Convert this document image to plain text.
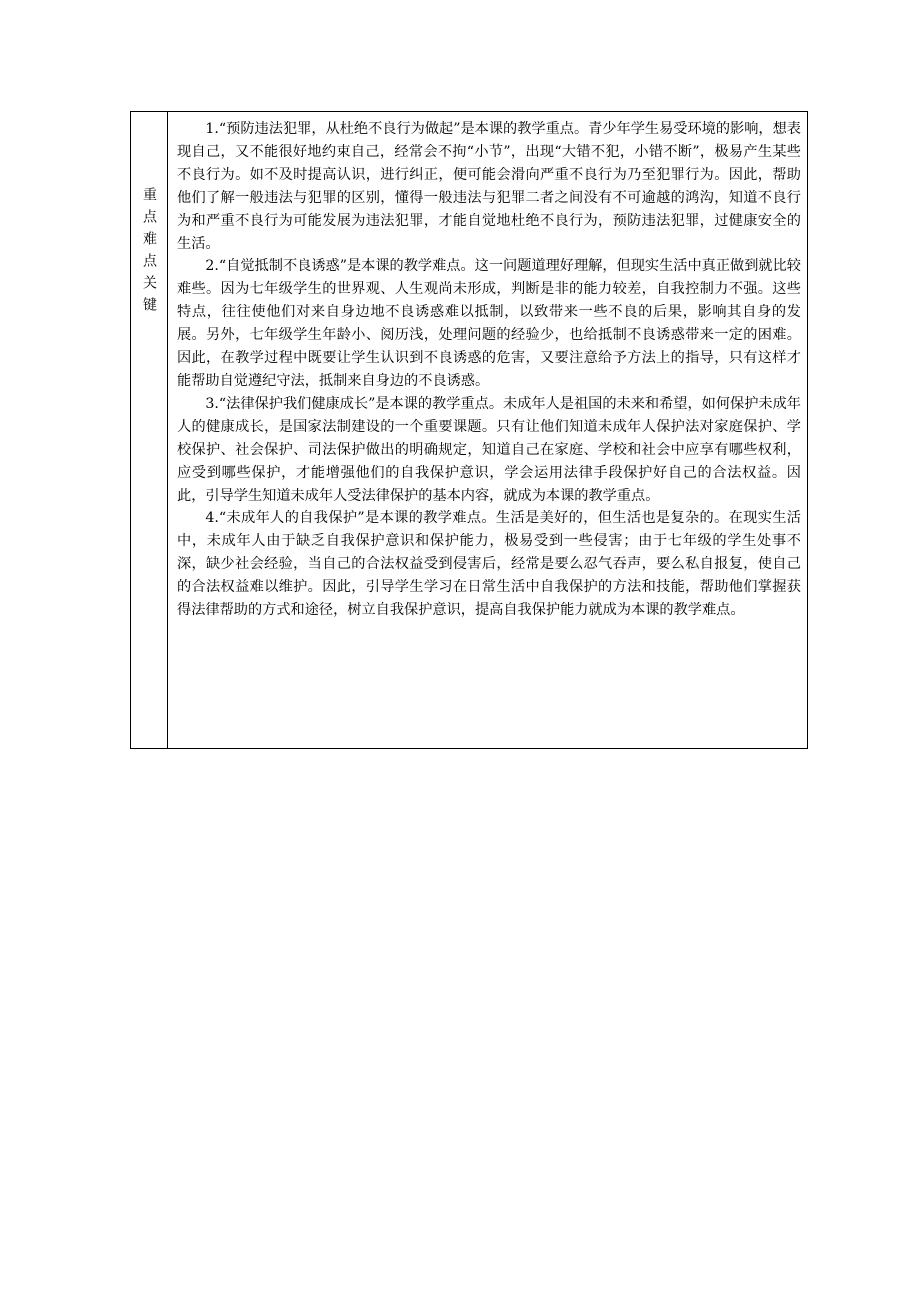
重点难点关键

1.“预防违法犯罪，从杜绝不良行为做起”是本课的教学重点。青少年学生易受环境的影响，想表现自己，又不能很好地约束自己，经常会不拘“小节”，出现“大错不犯，小错不断”，极易产生某些不良行为。如不及时提高认识，进行纠正，便可能会滑向严重不良行为乃至犯罪行为。因此，帮助他们了解一般违法与犯罪的区别，懂得一般违法与犯罪二者之间没有不可逾越的鸿沟，知道不良行为和严重不良行为可能发展为违法犯罪，才能自觉地杜绝不良行为，预防违法犯罪，过健康安全的生活。

2.“自觉抵制不良诱惑”是本课的教学难点。这一问题道理好理解，但现实生活中真正做到就比较难些。因为七年级学生的世界观、人生观尚未形成，判断是非的能力较差，自我控制力不强。这些特点，往往使他们对来自身边地不良诱惑难以抵制，以致带来一些不良的后果，影响其自身的发展。另外，七年级学生年龄小、阅历浅，处理问题的经验少，也给抵制不良诱惑带来一定的困难。因此，在教学过程中既要让学生认识到不良诱惑的危害，又要注意给予方法上的指导，只有这样才能帮助自觉遵纪守法，抵制来自身边的不良诱惑。

3.“法律保护我们健康成长”是本课的教学重点。未成年人是祖国的未来和希望，如何保护未成年人的健康成长，是国家法制建设的一个重要课题。只有让他们知道未成年人保护法对家庭保护、学校保护、社会保护、司法保护做出的明确规定，知道自己在家庭、学校和社会中应享有哪些权利，应受到哪些保护，才能增强他们的自我保护意识，学会运用法律手段保护好自己的合法权益。因此，引导学生知道未成年人受法律保护的基本内容，就成为本课的教学重点。

4.“未成年人的自我保护”是本课的教学难点。生活是美好的，但生活也是复杂的。在现实生活中，未成年人由于缺乏自我保护意识和保护能力，极易受到一些侵害；由于七年级的学生处事不深，缺少社会经验，当自己的合法权益受到侵害后，经常是要么忍气吞声，要么私自报复，使自己的合法权益难以维护。因此，引导学生学习在日常生活中自我保护的方法和技能，帮助他们掌握获得法律帮助的方式和途径，树立自我保护意识，提高自我保护能力就成为本课的教学难点。
